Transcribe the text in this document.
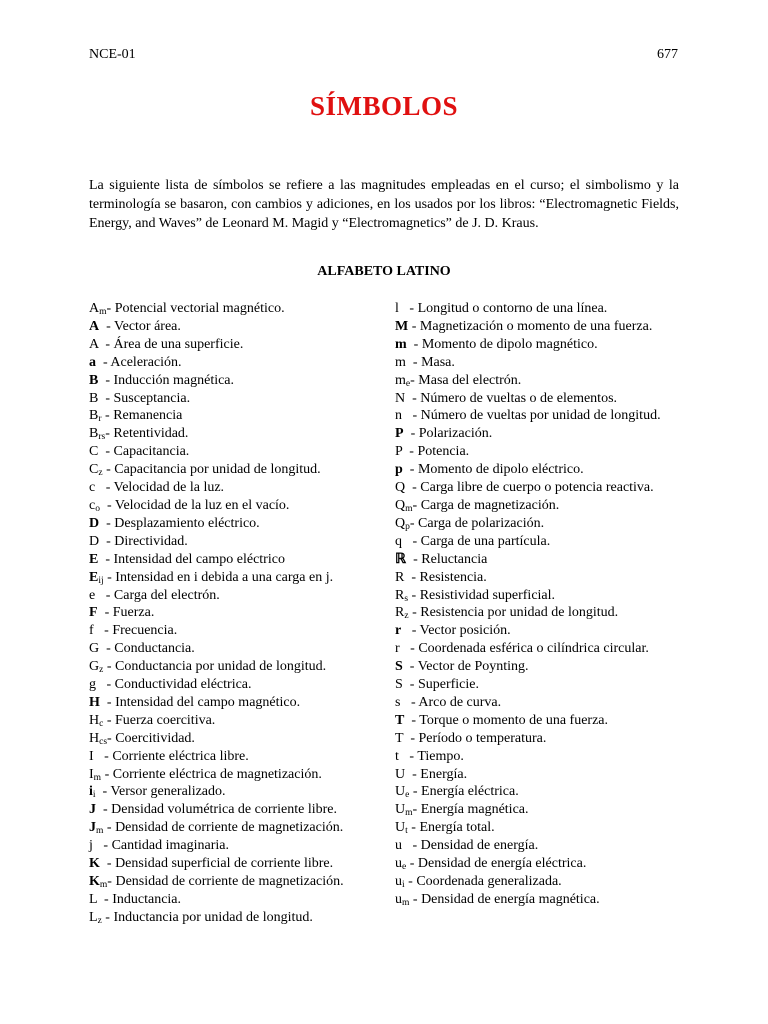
NCE-01	677
SÍMBOLOS
La siguiente lista de símbolos se refiere a las magnitudes empleadas en el curso; el simbolismo y la terminología se basaron, con cambios y adiciones, en los usados por los libros: “Electromagnetic Fields, Energy, and Waves” de Leonard M. Magid y “Electromagnetics” de J. D. Kraus.
ALFABETO LATINO
$A_m-$ Potencial vectorial magnético.
A  - Vector área.
A  - Área de una superficie.
a  - Aceleración.
B  - Inducción magnética.
B  - Susceptancia.
$B_r$ - Remanencia
$B_{rs}-$ Retentividad.
C  - Capacitancia.
$C_z$ - Capacitancia por unidad de longitud.
c   - Velocidad de la luz.
$c_o$  - Velocidad de la luz en el vacío.
D  - Desplazamiento eléctrico.
D  - Directividad.
E  - Intensidad del campo eléctrico
$E_{ij}$ - Intensidad en i debida a una carga en j.
e   - Carga del electrón.
F  - Fuerza.
f   - Frecuencia.
G  - Conductancia.
$G_z$ - Conductancia por unidad de longitud.
g   - Conductividad eléctrica.
H  - Intensidad del campo magnético.
$H_c$ - Fuerza coercitiva.
$H_{cs}-$ Coercitividad.
I   - Corriente eléctrica libre.
$I_m$ - Corriente eléctrica de magnetización.
$i_i$  - Versor generalizado.
J  - Densidad volumétrica de corriente libre.
$J_m$ - Densidad de corriente de magnetización.
j   - Cantidad imaginaria.
K  - Densidad superficial de corriente libre.
$K_m-$ Densidad de corriente de magnetización.
L  - Inductancia.
$L_z$ - Inductancia por unidad de longitud.
l   - Longitud o contorno de una línea.
M - Magnetización o momento de una fuerza.
m  - Momento de dipolo magnético.
m  - Masa.
$m_e-$ Masa del electrón.
N  - Número de vueltas o de elementos.
n   - Número de vueltas por unidad de longitud.
P  - Polarización.
P  - Potencia.
p  - Momento de dipolo eléctrico.
Q  - Carga libre de cuerpo o potencia reactiva.
$Q_m-$ Carga de magnetización.
$Q_p-$ Carga de polarización.
q   - Carga de una partícula.
ℝ  - Reluctancia
R  - Resistencia.
$R_s$ - Resistividad superficial.
$R_z$ - Resistencia por unidad de longitud.
r   - Vector posición.
r   - Coordenada esférica o cilíndrica circular.
S  - Vector de Poynting.
S  - Superficie.
s   - Arco de curva.
T  - Torque o momento de una fuerza.
T  - Período o temperatura.
t   - Tiempo.
U  - Energía.
$U_e$ - Energía eléctrica.
$U_m-$ Energía magnética.
$U_t$ - Energía total.
u   - Densidad de energía.
$u_e$ - Densidad de energía eléctrica.
$u_i$ - Coordenada generalizada.
$u_m$ - Densidad de energía magnética.
